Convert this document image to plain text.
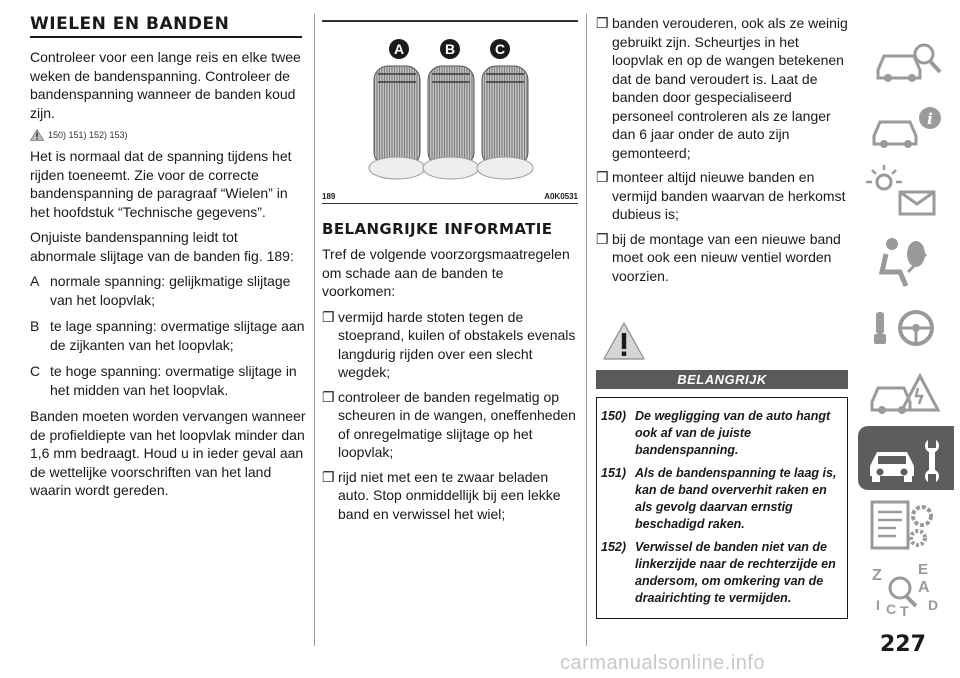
WIELEN EN BANDEN

Controleer voor een lange reis en elke twee weken de bandenspanning. Controleer de bandenspanning wanneer de banden koud zijn.

150) 151) 152) 153)

Het is normaal dat de spanning tijdens het rijden toeneemt. Zie voor de correcte bandenspanning de paragraaf “Wielen” in het hoofdstuk “Technische gegevens”.

Onjuiste bandenspanning leidt tot abnormale slijtage van de banden fig. 189:

A normale spanning: gelijkmatige slijtage van het loopvlak;
B te lage spanning: overmatige slijtage aan de zijkanten van het loopvlak;
C te hoge spanning: overmatige slijtage in het midden van het loopvlak.

Banden moeten worden vervangen wanneer de profieldiepte van het loopvlak minder dan 1,6 mm bedraagt. Houd u in ieder geval aan de wettelijke voorschriften van het land waarin wordt gereden.

A	B	C
189	A0K0531
BELANGRIJKE INFORMATIE

Tref de volgende voorzorgsmaatregelen om schade aan de banden te voorkomen:

❐ vermijd harde stoten tegen de stoeprand, kuilen of obstakels evenals langdurig rijden over een slecht wegdek;
❐ controleer de banden regelmatig op scheuren in de wangen, oneffenheden of onregelmatige slijtage op het loopvlak;
❐ rijd niet met een te zwaar beladen auto. Stop onmiddellijk bij een lekke band en verwissel het wiel;
❐ banden verouderen, ook als ze weinig gebruikt zijn. Scheurtjes in het loopvlak en op de wangen betekenen dat de band veroudert is. Laat de banden door gespecialiseerd personeel controleren als ze langer dan 6 jaar onder de auto zijn gemonteerd;
❐ monteer altijd nieuwe banden en vermijd banden waarvan de herkomst dubieus is;
❐ bij de montage van een nieuwe band moet ook een nieuw ventiel worden voorzien.
BELANGRIJK
150) De wegligging van de auto hangt ook af van de juiste bandenspanning.
151) Als de bandenspanning te laag is, kan de band oververhit raken en als gevolg daarvan ernstig beschadigd raken.
152) Verwissel de banden niet van de linkerzijde naar de rechterzijde en andersom, om omkering van de draairichting te vermijden.
i
Z E
A
I C T D
227
carmanualsonline.info
